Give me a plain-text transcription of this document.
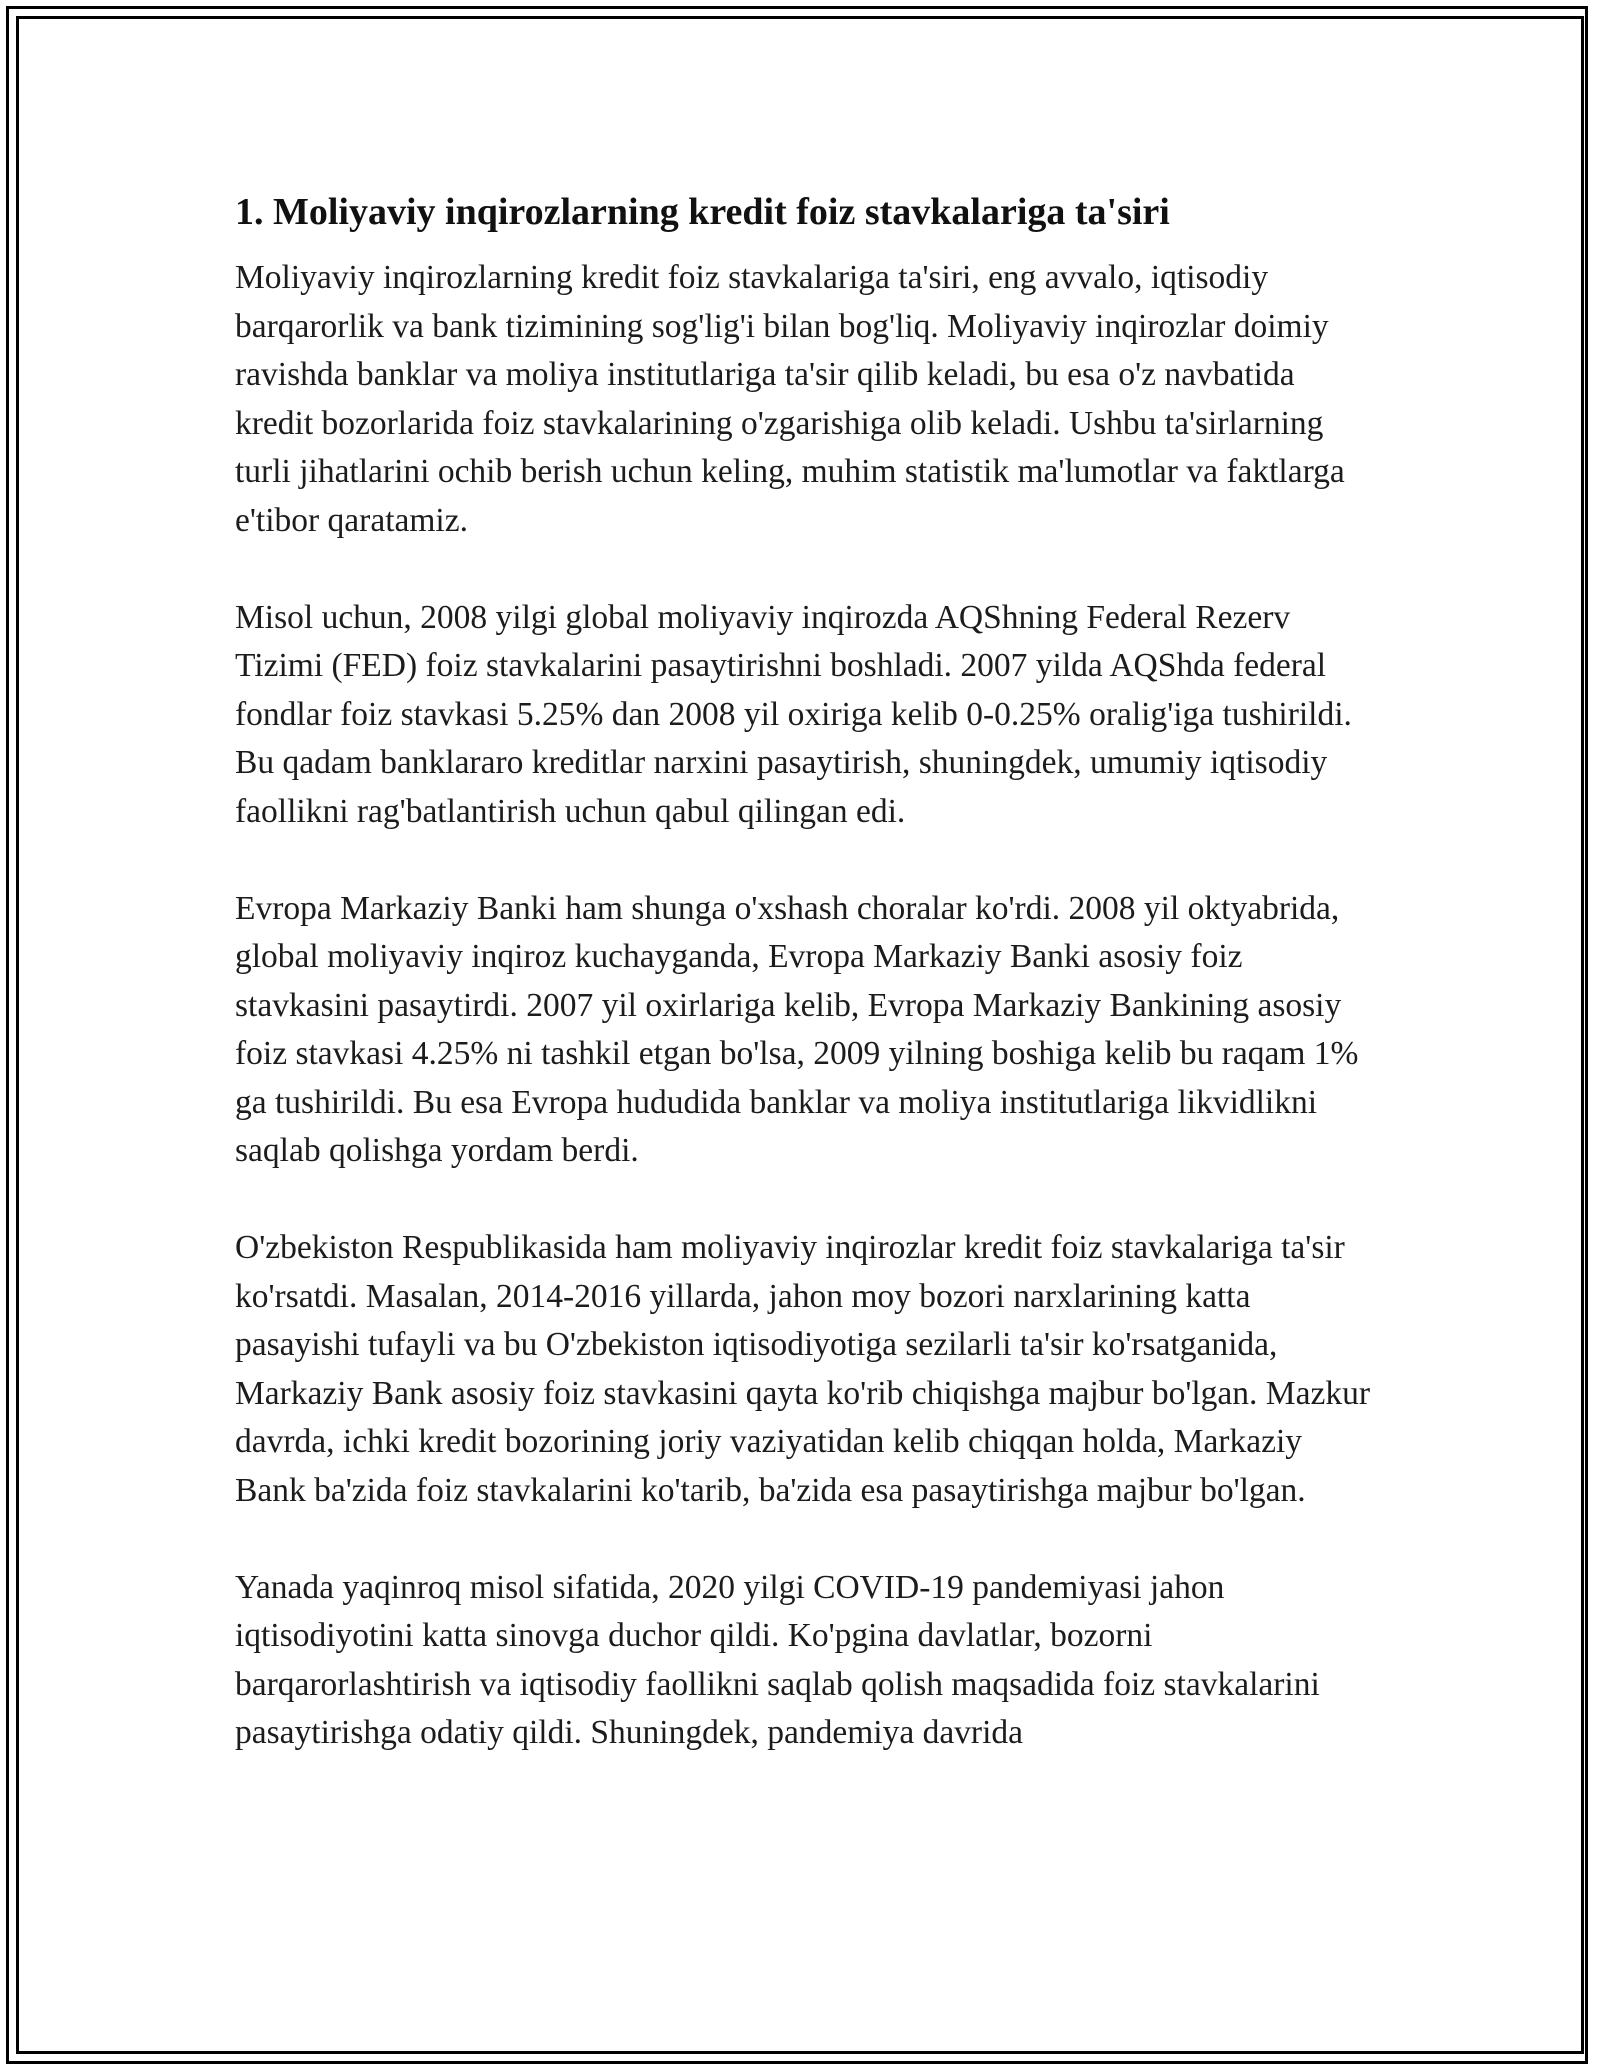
1. Moliyaviy inqirozlarning kredit foiz stavkalariga ta'siri

Moliyaviy inqirozlarning kredit foiz stavkalariga ta'siri, eng avvalo, iqtisodiy barqarorlik va bank tizimining sog'lig'i bilan bog'liq. Moliyaviy inqirozlar doimiy ravishda banklar va moliya institutlariga ta'sir qilib keladi, bu esa o'z navbatida kredit bozorlarida foiz stavkalarining o'zgarishiga olib keladi. Ushbu ta'sirlarning turli jihatlarini ochib berish uchun keling, muhim statistik ma'lumotlar va faktlarga e'tibor qaratamiz.

Misol uchun, 2008 yilgi global moliyaviy inqirozda AQShning Federal Rezerv Tizimi (FED) foiz stavkalarini pasaytirishni boshladi. 2007 yilda AQShda federal fondlar foiz stavkasi 5.25% dan 2008 yil oxiriga kelib 0-0.25% oralig'iga tushirildi. Bu qadam banklararo kreditlar narxini pasaytirish, shuningdek, umumiy iqtisodiy faollikni rag'batlantirish uchun qabul qilingan edi.

Evropa Markaziy Banki ham shunga o'xshash choralar ko'rdi. 2008 yil oktyabrida, global moliyaviy inqiroz kuchayganda, Evropa Markaziy Banki asosiy foiz stavkasini pasaytirdi. 2007 yil oxirlariga kelib, Evropa Markaziy Bankining asosiy foiz stavkasi 4.25% ni tashkil etgan bo'lsa, 2009 yilning boshiga kelib bu raqam 1% ga tushirildi. Bu esa Evropa hududida banklar va moliya institutlariga likvidlikni saqlab qolishga yordam berdi.

O'zbekiston Respublikasida ham moliyaviy inqirozlar kredit foiz stavkalariga ta'sir ko'rsatdi. Masalan, 2014-2016 yillarda, jahon moy bozori narxlarining katta pasayishi tufayli va bu O'zbekiston iqtisodiyotiga sezilarli ta'sir ko'rsatganida, Markaziy Bank asosiy foiz stavkasini qayta ko'rib chiqishga majbur bo'lgan. Mazkur davrda, ichki kredit bozorining joriy vaziyatidan kelib chiqqan holda, Markaziy Bank ba'zida foiz stavkalarini ko'tarib, ba'zida esa pasaytirishga majbur bo'lgan.

Yanada yaqinroq misol sifatida, 2020 yilgi COVID-19 pandemiyasi jahon iqtisodiyotini katta sinovga duchor qildi. Ko'pgina davlatlar, bozorni barqarorlashtirish va iqtisodiy faollikni saqlab qolish maqsadida foiz stavkalarini pasaytirishga odatiy qildi. Shuningdek, pandemiya davrida
